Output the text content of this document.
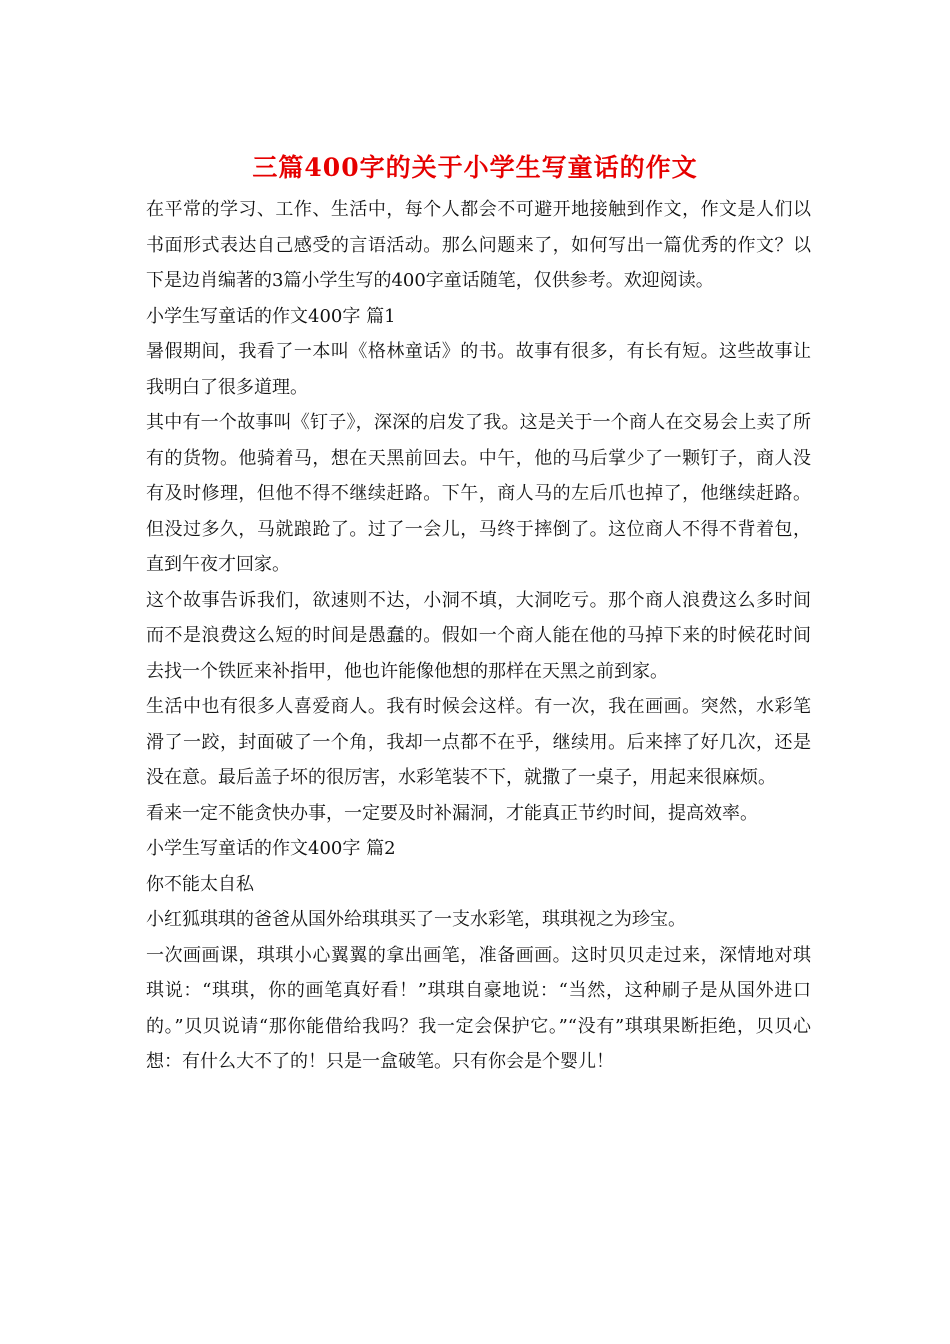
三篇400字的关于小学生写童话的作文

在平常的学习、工作、生活中，每个人都会不可避开地接触到作文，作文是人们以书面形式表达自己感受的言语活动。那么问题来了，如何写出一篇优秀的作文？以下是边肖编著的3篇小学生写的400字童话随笔，仅供参考。欢迎阅读。

小学生写童话的作文400字 篇1

暑假期间，我看了一本叫《格林童话》的书。故事有很多，有长有短。这些故事让我明白了很多道理。

其中有一个故事叫《钉子》，深深的启发了我。这是关于一个商人在交易会上卖了所有的货物。他骑着马，想在天黑前回去。中午，他的马后掌少了一颗钉子，商人没有及时修理，但他不得不继续赶路。下午，商人马的左后爪也掉了，他继续赶路。但没过多久，马就踉跄了。过了一会儿，马终于摔倒了。这位商人不得不背着包，直到午夜才回家。

这个故事告诉我们，欲速则不达，小洞不填，大洞吃亏。那个商人浪费这么多时间而不是浪费这么短的时间是愚蠢的。假如一个商人能在他的马掉下来的时候花时间去找一个铁匠来补指甲，他也许能像他想的那样在天黑之前到家。

生活中也有很多人喜爱商人。我有时候会这样。有一次，我在画画。突然，水彩笔滑了一跤，封面破了一个角，我却一点都不在乎，继续用。后来摔了好几次，还是没在意。最后盖子坏的很厉害，水彩笔装不下，就撒了一桌子，用起来很麻烦。

看来一定不能贪快办事，一定要及时补漏洞，才能真正节约时间，提高效率。

小学生写童话的作文400字 篇2

你不能太自私

小红狐琪琪的爸爸从国外给琪琪买了一支水彩笔，琪琪视之为珍宝。

一次画画课，琪琪小心翼翼的拿出画笔，准备画画。这时贝贝走过来，深情地对琪琪说：“琪琪，你的画笔真好看！”琪琪自豪地说：“当然，这种刷子是从国外进口的。”贝贝说请“那你能借给我吗？我一定会保护它。”“没有”琪琪果断拒绝，贝贝心想：有什么大不了的！只是一盒破笔。只有你会是个婴儿！
